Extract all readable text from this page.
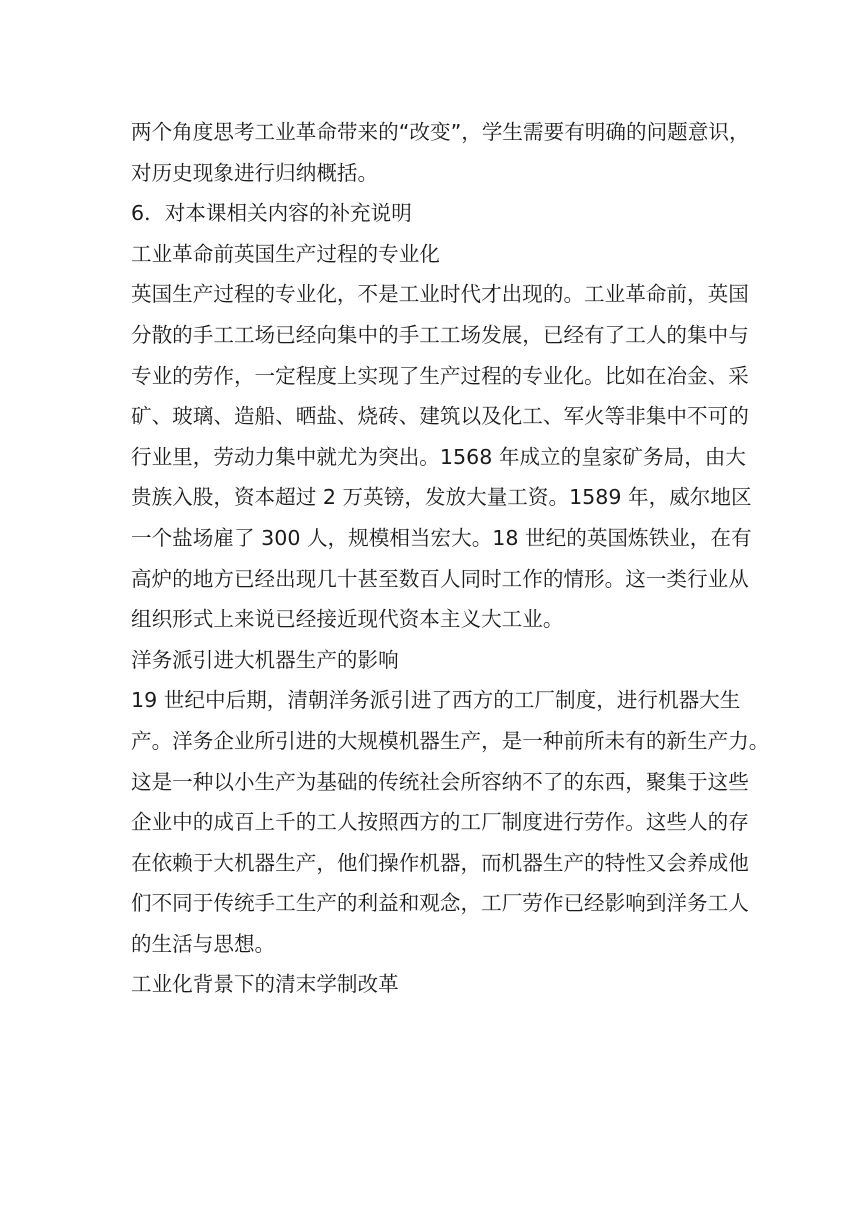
两个角度思考工业革命带来的“改变”，学生需要有明确的问题意识，
对历史现象进行归纳概括。

6．对本课相关内容的补充说明

工业革命前英国生产过程的专业化

英国生产过程的专业化，不是工业时代才出现的。工业革命前，英国
分散的手工工场已经向集中的手工工场发展，已经有了工人的集中与
专业的劳作，一定程度上实现了生产过程的专业化。比如在冶金、采
矿、玻璃、造船、晒盐、烧砖、建筑以及化工、军火等非集中不可的
行业里，劳动力集中就尤为突出。1568 年成立的皇家矿务局，由大
贵族入股，资本超过 2 万英镑，发放大量工资。1589 年，威尔地区
一个盐场雇了 300 人，规模相当宏大。18 世纪的英国炼铁业，在有
高炉的地方已经出现几十甚至数百人同时工作的情形。这一类行业从
组织形式上来说已经接近现代资本主义大工业。

洋务派引进大机器生产的影响

19 世纪中后期，清朝洋务派引进了西方的工厂制度，进行机器大生
产。洋务企业所引进的大规模机器生产，是一种前所未有的新生产力。
这是一种以小生产为基础的传统社会所容纳不了的东西，聚集于这些
企业中的成百上千的工人按照西方的工厂制度进行劳作。这些人的存
在依赖于大机器生产，他们操作机器，而机器生产的特性又会养成他
们不同于传统手工生产的利益和观念，工厂劳作已经影响到洋务工人
的生活与思想。

工业化背景下的清末学制改革
